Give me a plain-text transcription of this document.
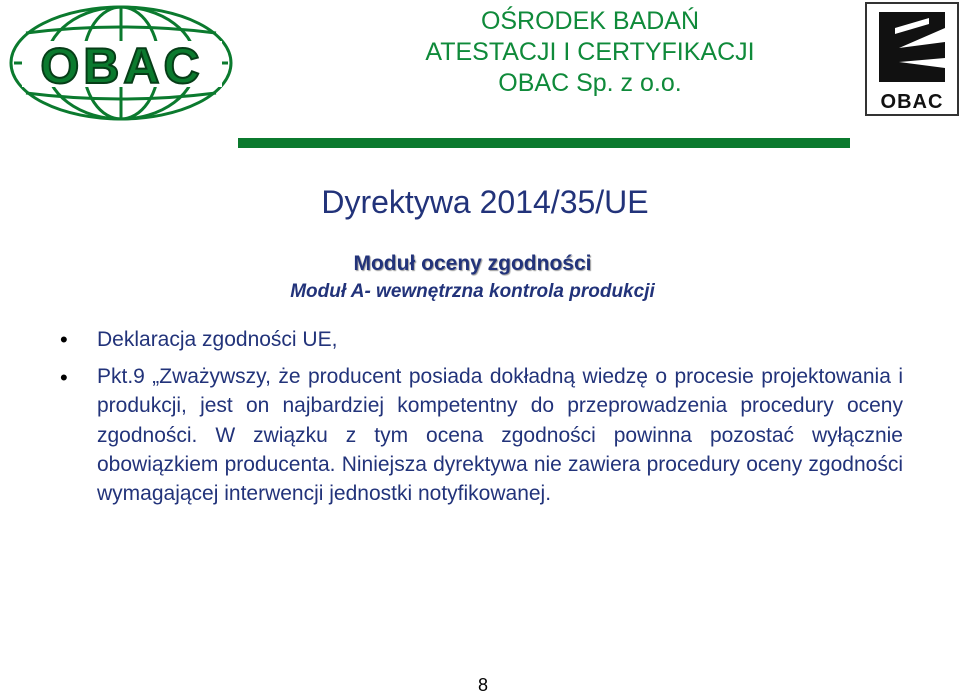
OBAC
OŚRODEK BADAŃ
ATESTACJI I CERTYFIKACJI
OBAC Sp. z o.o.
OBAC
Dyrektywa 2014/35/UE
Moduł oceny zgodności
Moduł A- wewnętrzna kontrola produkcji
• Deklaracja zgodności UE,
• Pkt.9 „Zważywszy, że producent posiada dokładną wiedzę o procesie projektowania i produkcji, jest on najbardziej kompetentny do przeprowadzenia procedury oceny zgodności. W związku z tym ocena zgodności powinna pozostać wyłącznie obowiązkiem producenta. Niniejsza dyrektywa nie zawiera procedury oceny zgodności wymagającej interwencji jednostki notyfikowanej.
8
